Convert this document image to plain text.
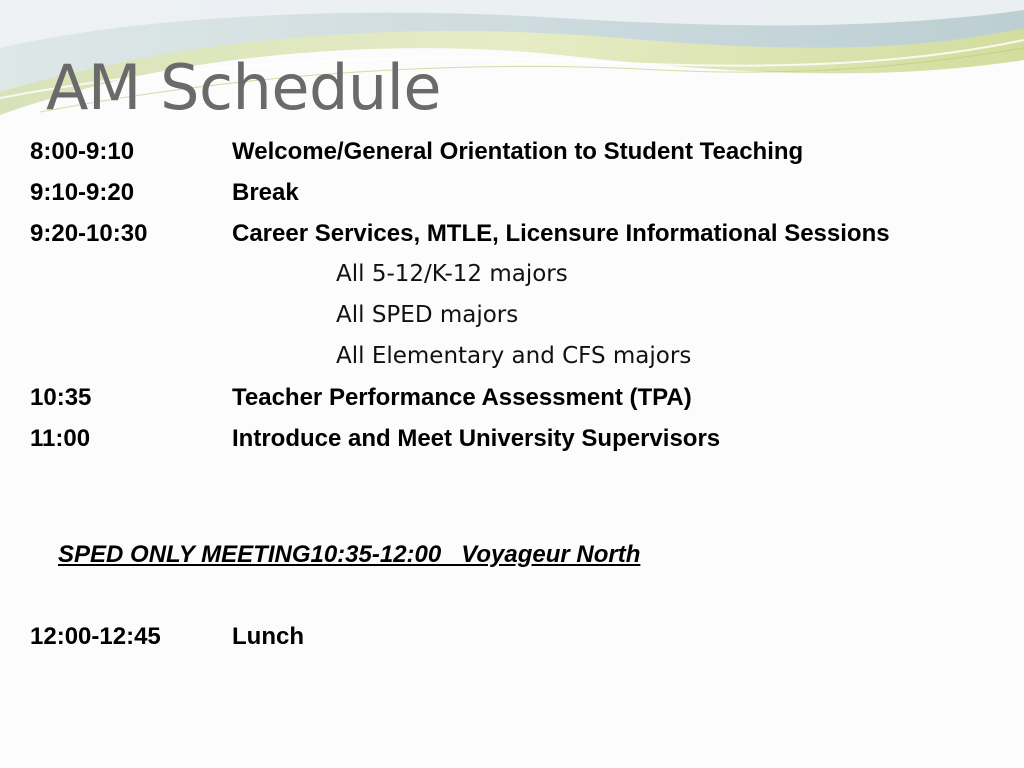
AM Schedule
8:00-9:10	Welcome/General Orientation to Student Teaching
9:10-9:20	Break
9:20-10:30	Career Services, MTLE, Licensure Informational Sessions
All 5-12/K-12 majors
All SPED majors
All Elementary and CFS majors
10:35	Teacher Performance Assessment (TPA)
11:00	Introduce and Meet University Supervisors
SPED ONLY MEETING10:35-12:00   Voyageur North
12:00-12:45	Lunch
